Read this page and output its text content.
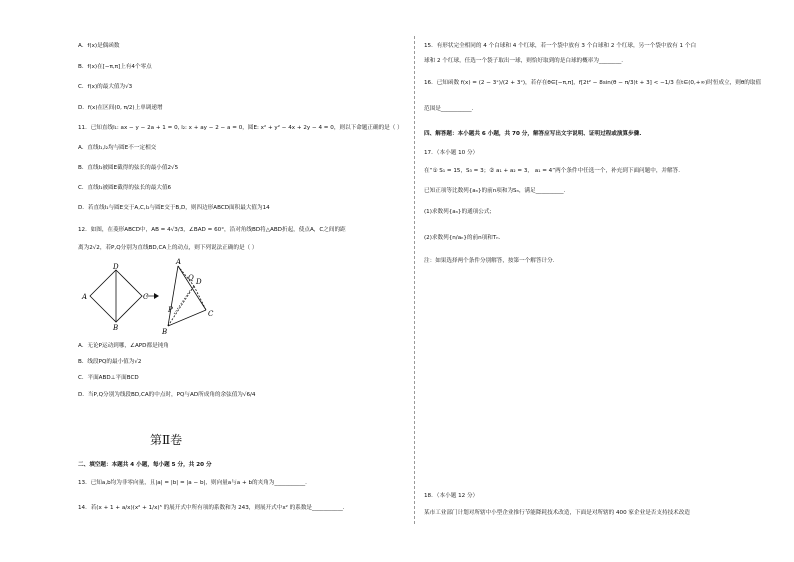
A．f(x)是偶函数
B．f(x)在[−π,π]上有4个零点
C．f(x)的最大值为√3
D．f(x)在区间(0, π/2)上单调递增
11．已知直线l₁: ax − y − 2a + 1 = 0, l₂: x + ay − 2 − a = 0，圆E: x² + y² − 4x + 2y − 4 = 0，则以下命题正确的是（ ）
A．直线l₁,l₂均与圆E不一定相交
B．直线l₁被圆E截得的弦长的最小值2√5
C．直线l₁被圆E截得的弦长的最大值6
D．若直线l₁与圆E交于A,C,l₂与圆E交于B,D，则四边形ABCD面积最大值为14
12．如图，在菱形ABCD中，AB = 4√3/3，∠BAD = 60°，沿对角线BD将△ABD折起，使点A，C之间的距
离为2√2，若P,Q分别为直线BD,CA上的动点，则下列说法正确的是（ ）
A
B
C
D
A
B
C
D
P
Q
A．无论P运动到哪，∠APD都是钝角
B．线段PQ的最小值为√2
C．平面ABD⊥平面BCD
D．当P,Q分别为线段BD,CA的中点时，PQ与AD所成角的余弦值为√6/4
二、填空题：本题共 4 小题，每小题 5 分，共 20 分
13．已知a,b均为非零向量，且|a| = |b| = |a − b|，则向量a与a + b的夹角为___________.
14．若(x + 1 + a/x)(x² + 1/x)⁵ 的展开式中所有项的系数和为 243，则展开式中x² 的系数是___________.
第Ⅱ卷
15．有形状完全相同的 4 个白球和 4 个红球，若一个袋中放有 3 个白球和 2 个红球，另一个袋中放有 1 个白
球和 2 个红球，任选一个袋子取出一球，则恰好取到的是白球的概率为________.
16．已知函数 f(x) = (2 − 3ˣ)/(2 + 3ˣ)，若存在θ∈[−π,π]，f[2t² − 8sin(θ − π/3)t + 3] < −1/3 在t∈(0,+∞)时恒成立，则θ的取值
范围是___________.
四、解答题：本小题共 6 小题，共 70 分，解答应写出文字说明、证明过程或演算步骤.
17．（本小题 10 分）
在“① S₁ = 15，S₃ = 3；② a₁ + a₂ = 3， a₁ = 4”两个条件中任选一个，补充到下面问题中，并解答.
已知正项等比数列{aₙ}的前n项和为Sₙ，满足__________.
(1)求数列{aₙ}的通项公式;
(2)求数列{n/aₙ}的前n项和Tₙ.
注：如果选择两个条件分别解答，按第一个解答计分.
18．（本小题 12 分）
某市工业部门计划对所辖中小型企业推行节能降耗技术改造，下面是对所辖的 400 家企业是否支持技术改造
